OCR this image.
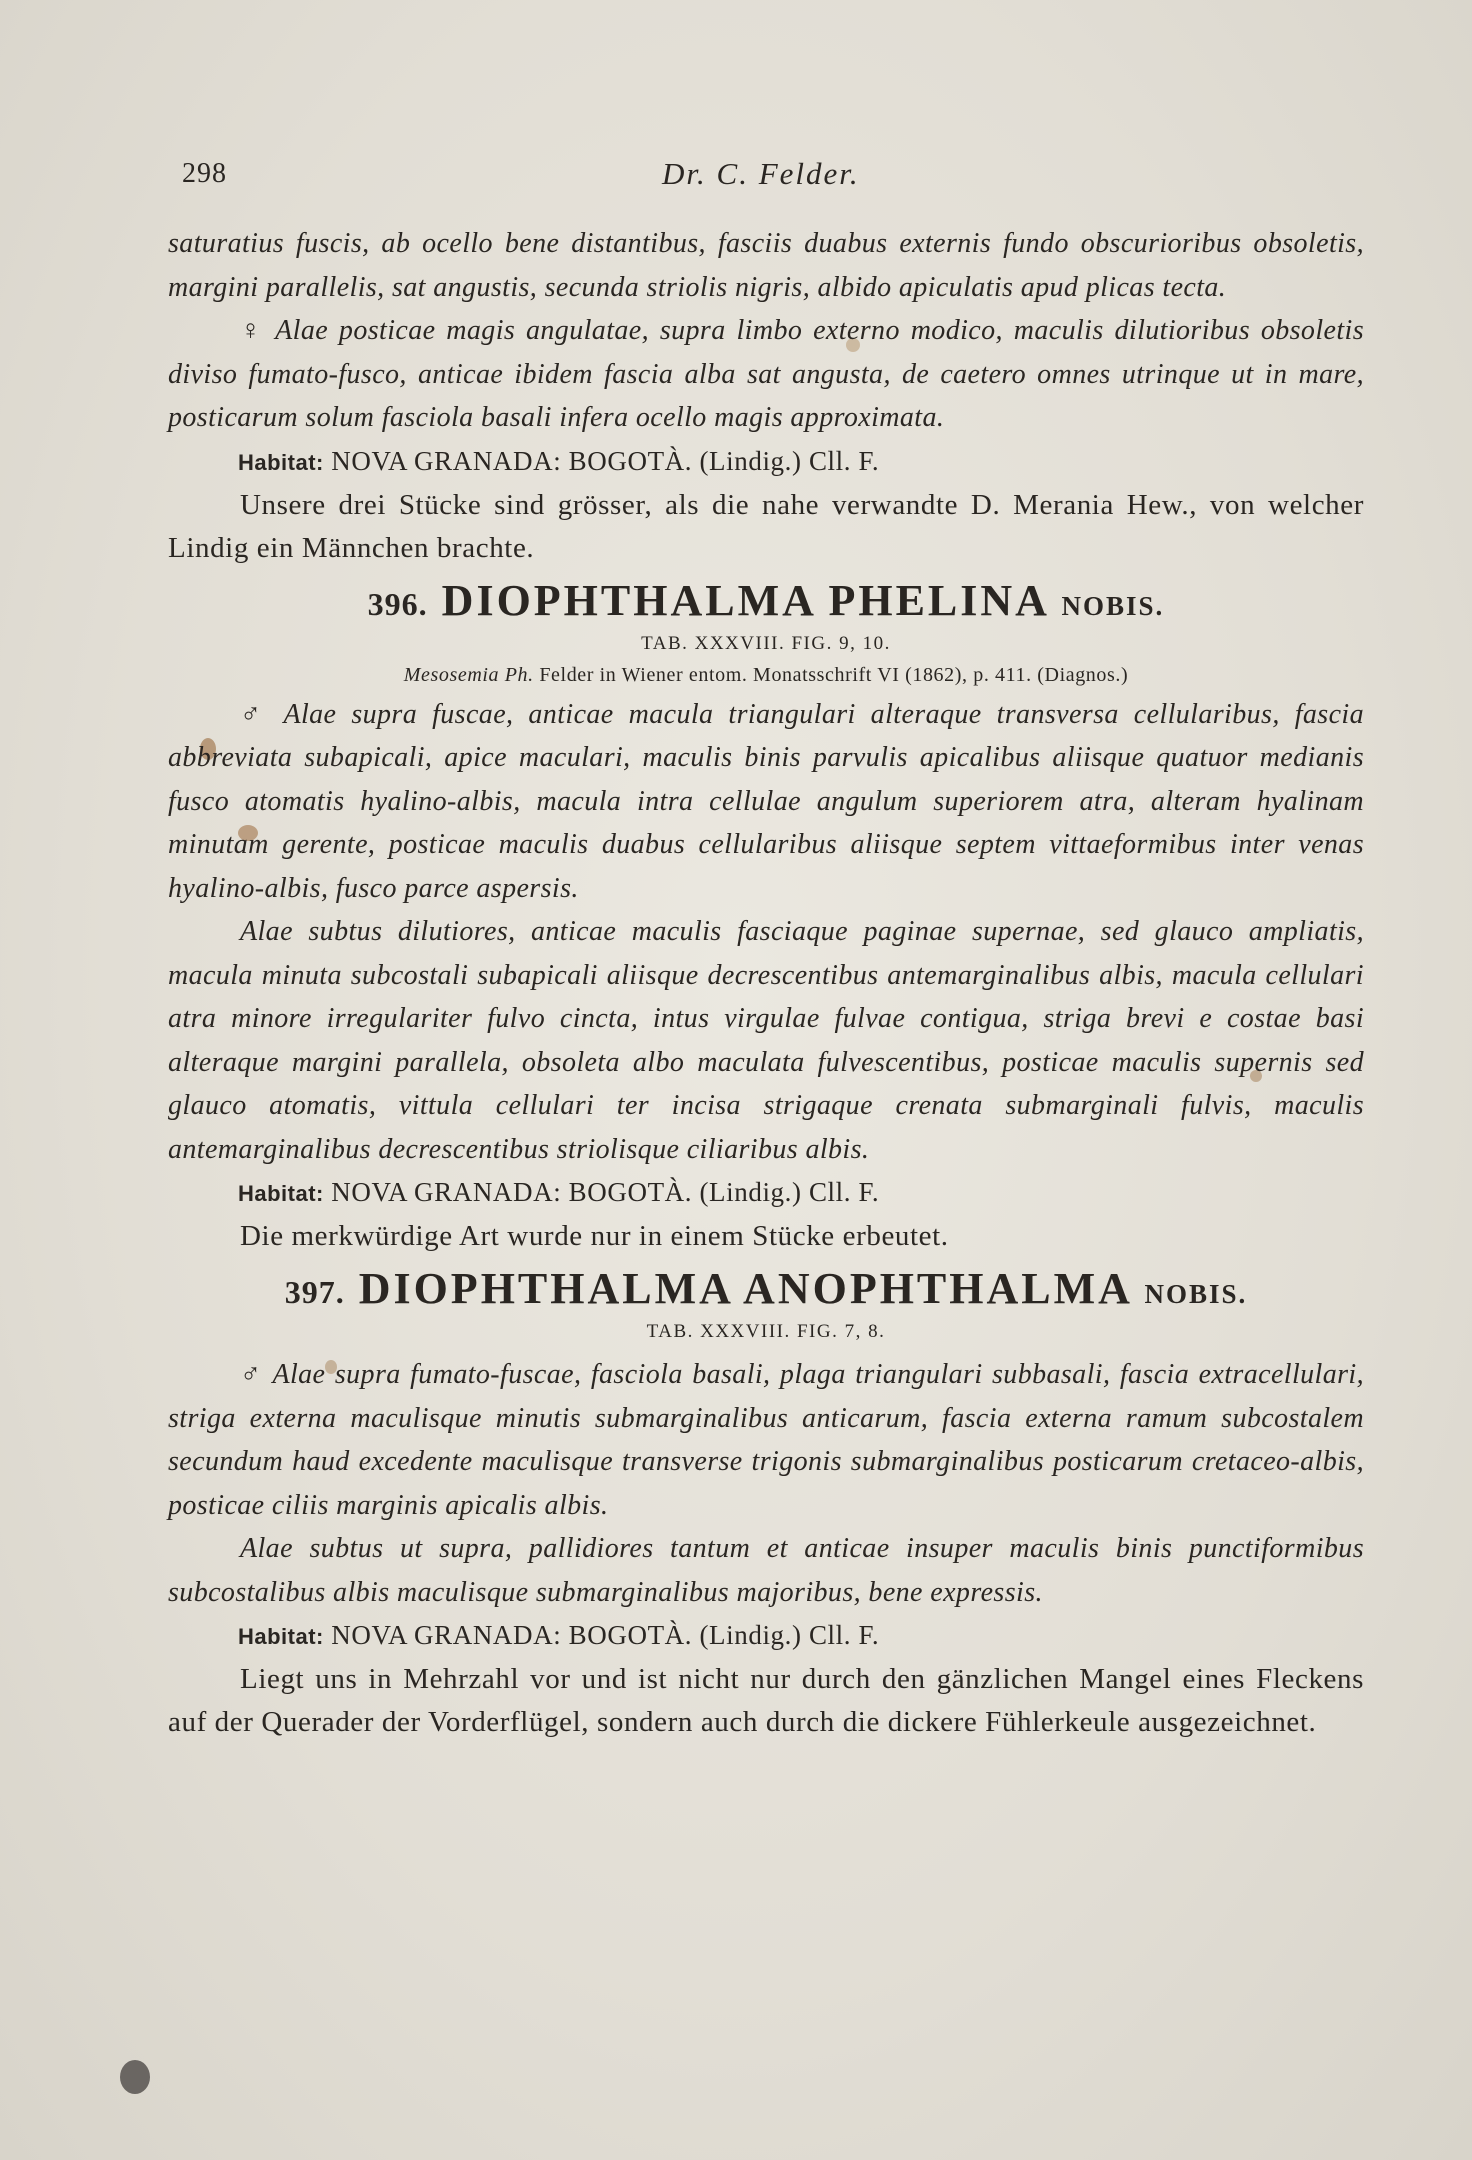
298	Dr. C. Felder.

saturatius fuscis, ab ocello bene distantibus, fasciis duabus externis fundo obscurioribus obsoletis, margini parallelis, sat angustis, secunda striolis nigris, albido apiculatis apud plicas tecta.

♀ Alae posticae magis angulatae, supra limbo externo modico, maculis dilutioribus obsoletis diviso fumato-fusco, anticae ibidem fascia alba sat angusta, de caetero omnes utrinque ut in mare, posticarum solum fasciola basali infera ocello magis approximata.

Habitat: NOVA GRANADA: BOGOTÀ. (Lindig.) Cll. F.

Unsere drei Stücke sind grösser, als die nahe verwandte D. Merania Hew., von welcher Lindig ein Männchen brachte.

396. DIOPHTHALMA PHELINA NOBIS.
TAB. XXXVIII. FIG. 9, 10.
Mesosemia Ph. Felder in Wiener entom. Monatsschrift VI (1862), p. 411. (Diagnos.)

♂ Alae supra fuscae, anticae macula triangulari alteraque transversa cellularibus, fascia abbreviata subapicali, apice maculari, maculis binis parvulis apicalibus aliisque quatuor medianis fusco atomatis hyalino-albis, macula intra cellulae angulum superiorem atra, alteram hyalinam minutam gerente, posticae maculis duabus cellularibus aliisque septem vittaeformibus inter venas hyalino-albis, fusco parce aspersis.

Alae subtus dilutiores, anticae maculis fasciaque paginae supernae, sed glauco ampliatis, macula minuta subcostali subapicali aliisque decrescentibus antemarginalibus albis, macula cellulari atra minore irregulariter fulvo cincta, intus virgulae fulvae contigua, striga brevi e costae basi alteraque margini parallela, obsoleta albo maculata fulvescentibus, posticae maculis supernis sed glauco atomatis, vittula cellulari ter incisa strigaque crenata submarginali fulvis, maculis antemarginalibus decrescentibus striolisque ciliaribus albis.

Habitat: NOVA GRANADA: BOGOTÀ. (Lindig.) Cll. F.

Die merkwürdige Art wurde nur in einem Stücke erbeutet.

397. DIOPHTHALMA ANOPHTHALMA NOBIS.
TAB. XXXVIII. FIG. 7, 8.

♂ Alae supra fumato-fuscae, fasciola basali, plaga triangulari subbasali, fascia extracellulari, striga externa maculisque minutis submarginalibus anticarum, fascia externa ramum subcostalem secundum haud excedente maculisque transverse trigonis submarginalibus posticarum cretaceo-albis, posticae ciliis marginis apicalis albis.

Alae subtus ut supra, pallidiores tantum et anticae insuper maculis binis punctiformibus subcostalibus albis maculisque submarginalibus majoribus, bene expressis.

Habitat: NOVA GRANADA: BOGOTÀ. (Lindig.) Cll. F.

Liegt uns in Mehrzahl vor und ist nicht nur durch den gänzlichen Mangel eines Fleckens auf der Querader der Vorderflügel, sondern auch durch die dickere Fühlerkeule ausgezeichnet.
